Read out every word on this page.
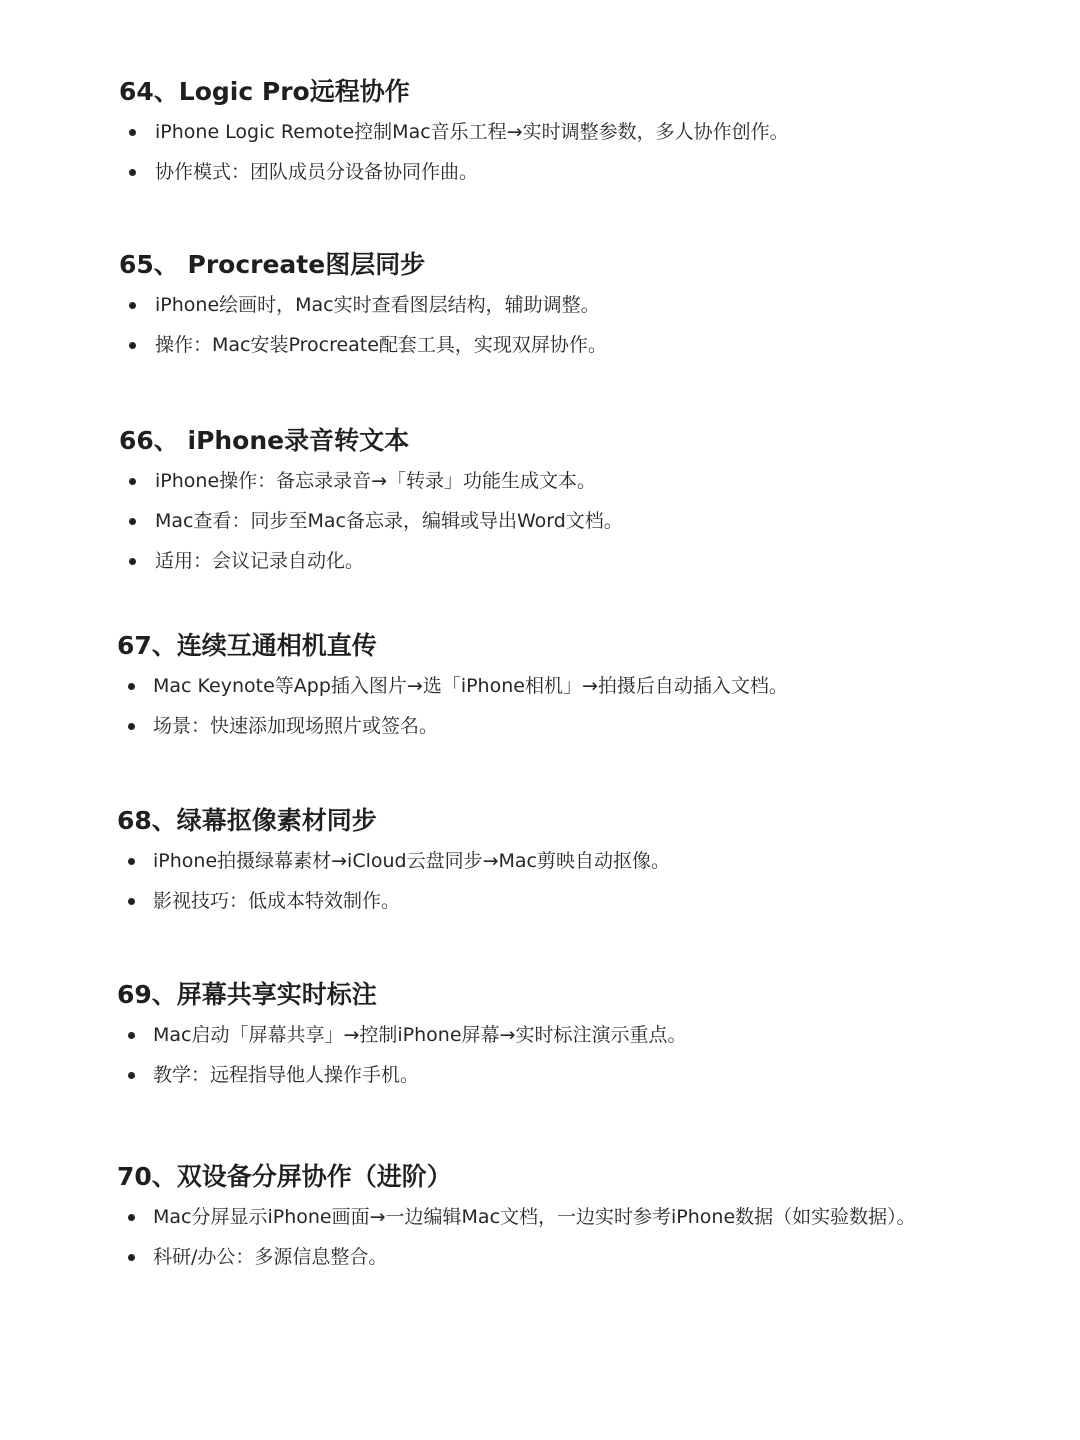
64、Logic Pro远程协作
iPhone Logic Remote控制Mac音乐工程→实时调整参数，多人协作创作。
协作模式：团队成员分设备协同作曲。
65、 Procreate图层同步
iPhone绘画时，Mac实时查看图层结构，辅助调整。
操作：Mac安装Procreate配套工具，实现双屏协作。
66、 iPhone录音转文本
iPhone操作：备忘录录音→「转录」功能生成文本。
Mac查看：同步至Mac备忘录，编辑或导出Word文档。
适用：会议记录自动化。
67、连续互通相机直传
Mac Keynote等App插入图片→选「iPhone相机」→拍摄后自动插入文档。
场景：快速添加现场照片或签名。
68、绿幕抠像素材同步
iPhone拍摄绿幕素材→iCloud云盘同步→Mac剪映自动抠像。
影视技巧：低成本特效制作。
69、屏幕共享实时标注
Mac启动「屏幕共享」→控制iPhone屏幕→实时标注演示重点。
教学：远程指导他人操作手机。
70、双设备分屏协作（进阶）
Mac分屏显示iPhone画面→一边编辑Mac文档，一边实时参考iPhone数据（如实验数据）。
科研/办公：多源信息整合。
